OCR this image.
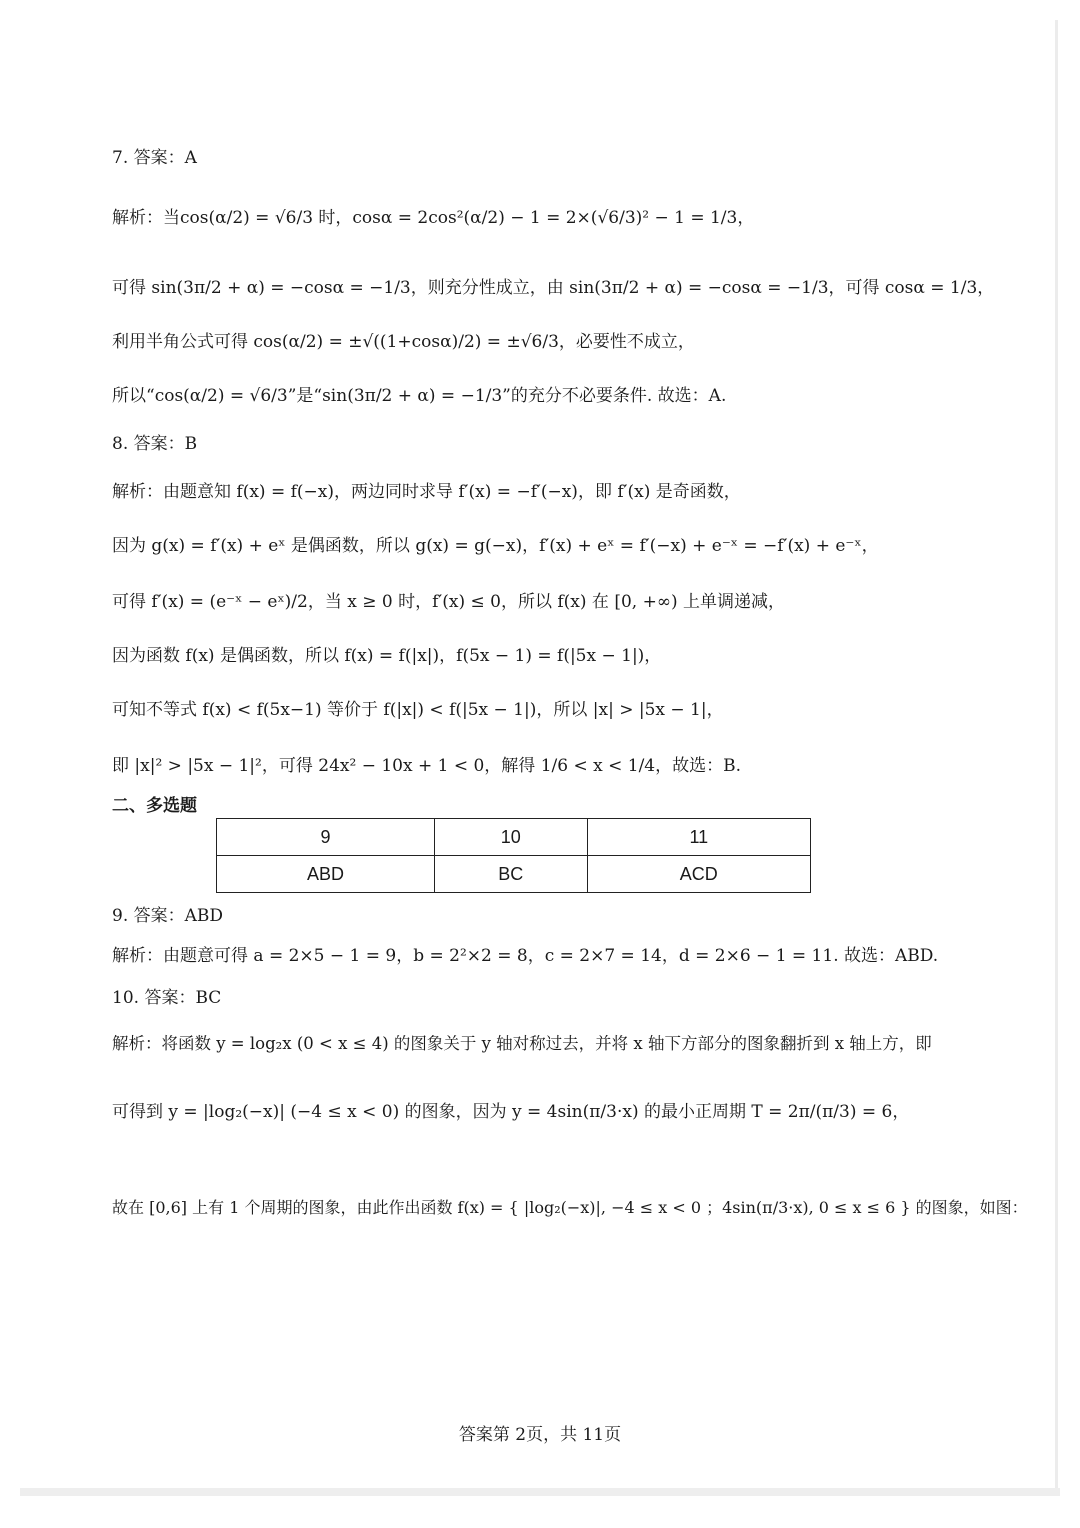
7. 答案：A
解析：当cos(α/2) = √6/3 时，cosα = 2cos²(α/2) − 1 = 2×(√6/3)² − 1 = 1/3，
可得 sin(3π/2 + α) = −cosα = −1/3，则充分性成立，由 sin(3π/2 + α) = −cosα = −1/3，可得 cosα = 1/3，
利用半角公式可得 cos(α/2) = ±√((1+cosα)/2) = ±√6/3，必要性不成立，
所以“cos(α/2) = √6/3”是“sin(3π/2 + α) = −1/3”的充分不必要条件. 故选：A.
8. 答案：B
解析：由题意知 f(x) = f(−x)，两边同时求导 f′(x) = −f′(−x)，即 f′(x) 是奇函数，
因为 g(x) = f′(x) + eˣ 是偶函数，所以 g(x) = g(−x)，f′(x) + eˣ = f′(−x) + e⁻ˣ = −f′(x) + e⁻ˣ，
可得 f′(x) = (e⁻ˣ − eˣ)/2，当 x ≥ 0 时，f′(x) ≤ 0，所以 f(x) 在 [0, +∞) 上单调递减，
因为函数 f(x) 是偶函数，所以 f(x) = f(|x|)，f(5x − 1) = f(|5x − 1|)，
可知不等式 f(x) < f(5x−1) 等价于 f(|x|) < f(|5x − 1|)，所以 |x| > |5x − 1|，
即 |x|² > |5x − 1|²，可得 24x² − 10x + 1 < 0，解得 1/6 < x < 1/4，故选：B.
二、多选题
9	10	11
ABD	BC	ACD
9. 答案：ABD
解析：由题意可得 a = 2×5 − 1 = 9，b = 2²×2 = 8，c = 2×7 = 14，d = 2×6 − 1 = 11. 故选：ABD.
10. 答案：BC
解析：将函数 y = log₂x (0 < x ≤ 4) 的图象关于 y 轴对称过去，并将 x 轴下方部分的图象翻折到 x 轴上方，即
可得到 y = |log₂(−x)| (−4 ≤ x < 0) 的图象，因为 y = 4sin(π/3·x) 的最小正周期 T = 2π/(π/3) = 6，
故在 [0,6] 上有 1 个周期的图象，由此作出函数 f(x) = { |log₂(−x)|, −4 ≤ x < 0 ；4sin(π/3·x), 0 ≤ x ≤ 6 } 的图象，如图：
答案第 2页，共 11页
